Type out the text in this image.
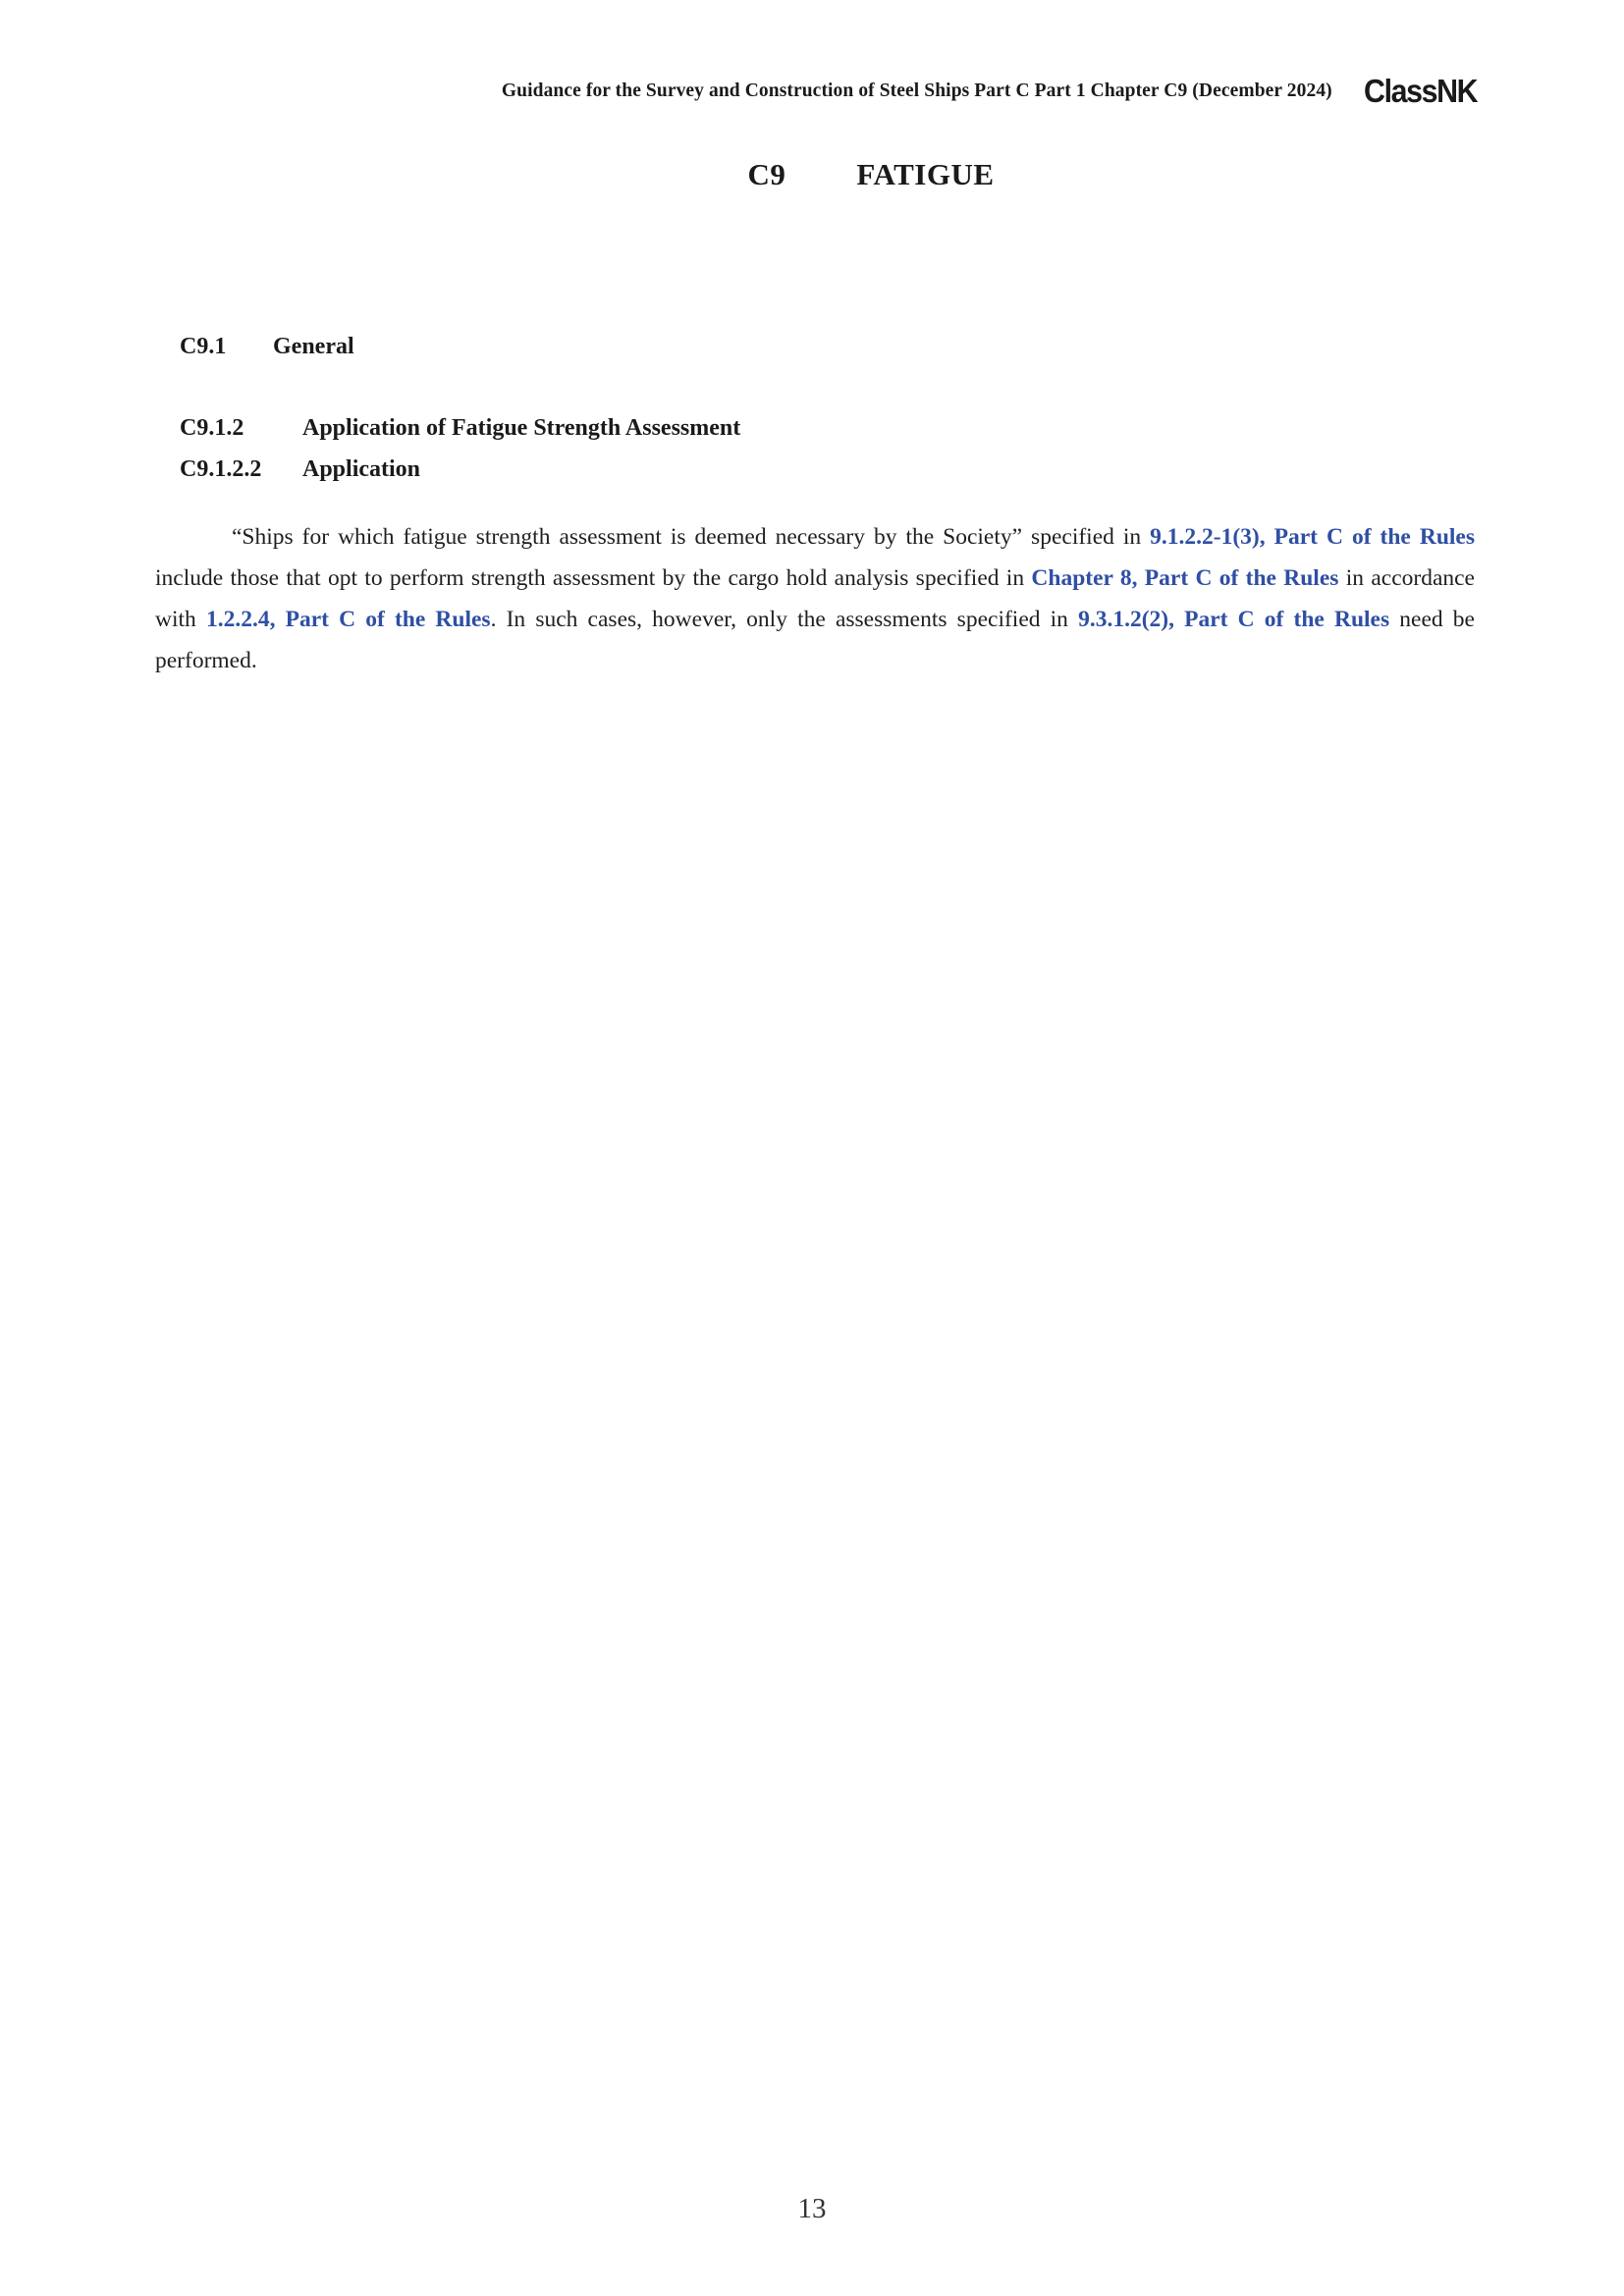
Guidance for the Survey and Construction of Steel Ships Part C Part 1 Chapter C9 (December 2024) ClassNK
C9 FATIGUE
C9.1 General
C9.1.2 Application of Fatigue Strength Assessment
C9.1.2.2 Application

“Ships for which fatigue strength assessment is deemed necessary by the Society” specified in 9.1.2.2-1(3), Part C of the Rules include those that opt to perform strength assessment by the cargo hold analysis specified in Chapter 8, Part C of the Rules in accordance with 1.2.2.4, Part C of the Rules. In such cases, however, only the assessments specified in 9.3.1.2(2), Part C of the Rules need be performed.

13
